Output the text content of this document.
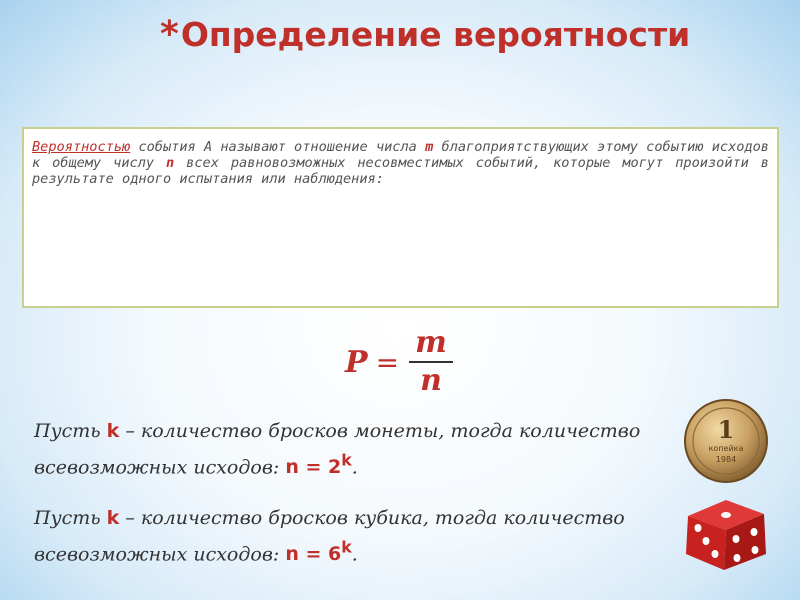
*Определение вероятности

Вероятностью события А называют отношение числа m благоприятствующих этому событию исходов к общему числу n всех равновозможных несовместимых событий, которые могут произойти в результате одного испытания или наблюдения:

$P = \frac{m}{n}$

Пусть k – количество бросков монеты, тогда количество всевозможных исходов: $n = 2^k$.

Пусть k – количество бросков кубика, тогда количество всевозможных исходов: $n = 6^k$.

1
копейка
1984
